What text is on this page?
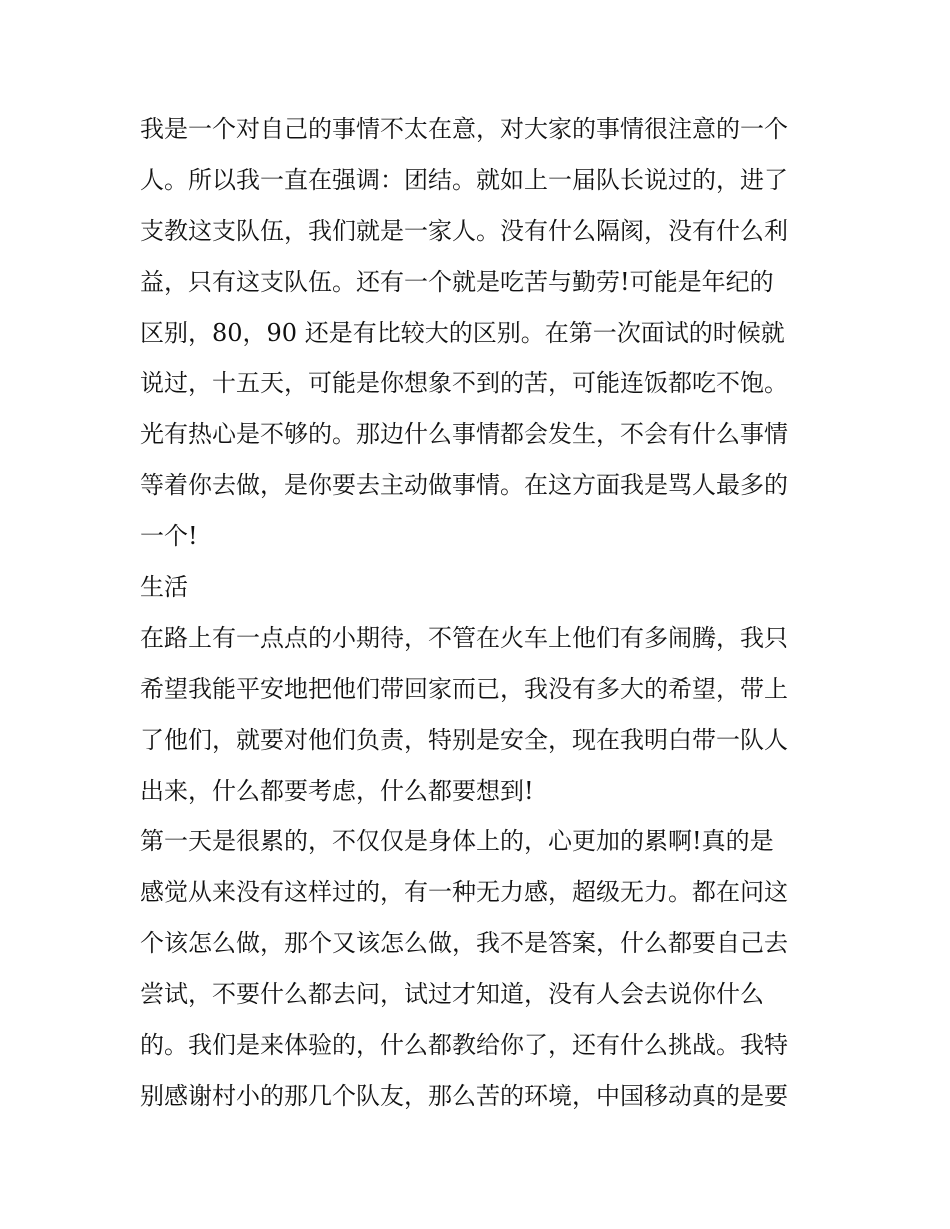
我是一个对自己的事情不太在意，对大家的事情很注意的一个
人。所以我一直在强调：团结。就如上一届队长说过的，进了
支教这支队伍，我们就是一家人。没有什么隔阂，没有什么利
益，只有这支队伍。还有一个就是吃苦与勤劳!可能是年纪的
区别，80，90 还是有比较大的区别。在第一次面试的时候就
说过，十五天，可能是你想象不到的苦，可能连饭都吃不饱。
光有热心是不够的。那边什么事情都会发生，不会有什么事情
等着你去做，是你要去主动做事情。在这方面我是骂人最多的
一个!
生活
在路上有一点点的小期待，不管在火车上他们有多闹腾，我只
希望我能平安地把他们带回家而已，我没有多大的希望，带上
了他们，就要对他们负责，特别是安全，现在我明白带一队人
出来，什么都要考虑，什么都要想到!
第一天是很累的，不仅仅是身体上的，心更加的累啊!真的是
感觉从来没有这样过的，有一种无力感，超级无力。都在问这
个该怎么做，那个又该怎么做，我不是答案，什么都要自己去
尝试，不要什么都去问，试过才知道，没有人会去说你什么
的。我们是来体验的，什么都教给你了，还有什么挑战。我特
别感谢村小的那几个队友，那么苦的环境，中国移动真的是要
